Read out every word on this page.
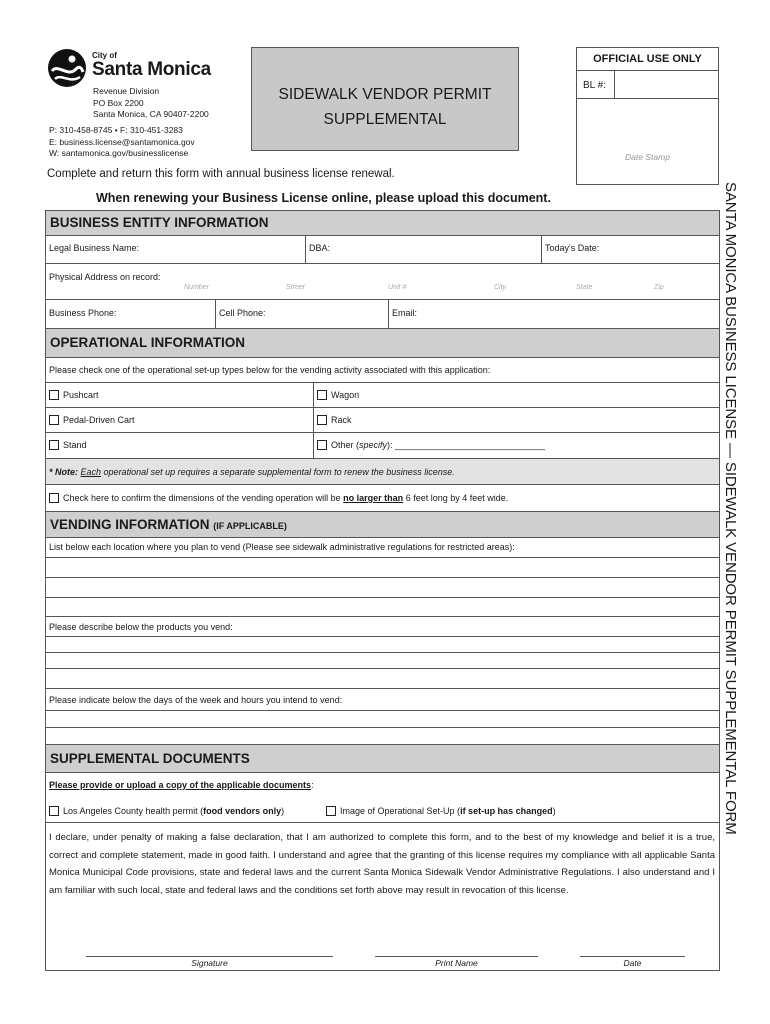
City of
Santa Monica
Revenue Division
PO Box 2200
Santa Monica, CA 90407-2200
P: 310-458-8745 • F: 310-451-3283
E: business.license@santamonica.gov
W: santamonica.gov/businesslicense
SIDEWALK VENDOR PERMIT
SUPPLEMENTAL
OFFICIAL USE ONLY
BL #:
Date Stamp
SANTA MONICA BUSINESS LICENSE — SIDEWALK VENDOR PERMIT SUPPLEMENTAL FORM
Complete and return this form with annual business license renewal.
When renewing your Business License online, please upload this document.
BUSINESS ENTITY INFORMATION
Legal Business Name:	DBA:	Today's Date:
Physical Address on record:
Number	Street	Unit #	City	State	Zip
Business Phone:	Cell Phone:	Email:
OPERATIONAL INFORMATION
Please check one of the operational set-up types below for the vending activity associated with this application:
Pushcart	Wagon
Pedal-Driven Cart	Rack
Stand	Other (specify): ______________________________
* Note: Each operational set up requires a separate supplemental form to renew the business license.
Check here to confirm the dimensions of the vending operation will be no larger than 6 feet long by 4 feet wide.
VENDING INFORMATION (IF APPLICABLE)
List below each location where you plan to vend (Please see sidewalk administrative regulations for restricted areas):
Please describe below the products you vend:
Please indicate below the days of the week and hours you intend to vend:
SUPPLEMENTAL DOCUMENTS
Please provide or upload a copy of the applicable documents:
Los Angeles County health permit (food vendors only)	Image of Operational Set-Up (if set-up has changed)
I declare, under penalty of making a false declaration, that I am authorized to complete this form, and to the best of my knowledge and belief it is a true, correct and complete statement, made in good faith. I understand and agree that the granting of this license requires my compliance with all applicable Santa Monica Municipal Code provisions, state and federal laws and the current Santa Monica Sidewalk Vendor Administrative Regulations. I also understand and I am familiar with such local, state and federal laws and the conditions set forth above may result in revocation of this license.
Signature	Print Name	Date
